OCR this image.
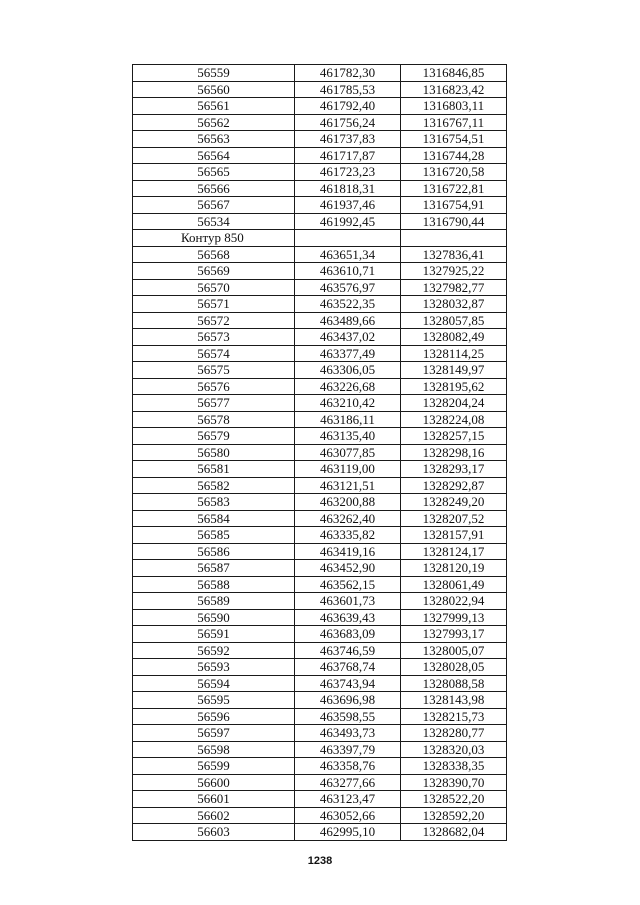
56559	461782,30	1316846,85
56560	461785,53	1316823,42
56561	461792,40	1316803,11
56562	461756,24	1316767,11
56563	461737,83	1316754,51
56564	461717,87	1316744,28
56565	461723,23	1316720,58
56566	461818,31	1316722,81
56567	461937,46	1316754,91
56534	461992,45	1316790,44
Контур 850		
56568	463651,34	1327836,41
56569	463610,71	1327925,22
56570	463576,97	1327982,77
56571	463522,35	1328032,87
56572	463489,66	1328057,85
56573	463437,02	1328082,49
56574	463377,49	1328114,25
56575	463306,05	1328149,97
56576	463226,68	1328195,62
56577	463210,42	1328204,24
56578	463186,11	1328224,08
56579	463135,40	1328257,15
56580	463077,85	1328298,16
56581	463119,00	1328293,17
56582	463121,51	1328292,87
56583	463200,88	1328249,20
56584	463262,40	1328207,52
56585	463335,82	1328157,91
56586	463419,16	1328124,17
56587	463452,90	1328120,19
56588	463562,15	1328061,49
56589	463601,73	1328022,94
56590	463639,43	1327999,13
56591	463683,09	1327993,17
56592	463746,59	1328005,07
56593	463768,74	1328028,05
56594	463743,94	1328088,58
56595	463696,98	1328143,98
56596	463598,55	1328215,73
56597	463493,73	1328280,77
56598	463397,79	1328320,03
56599	463358,76	1328338,35
56600	463277,66	1328390,70
56601	463123,47	1328522,20
56602	463052,66	1328592,20
56603	462995,10	1328682,04
1238
